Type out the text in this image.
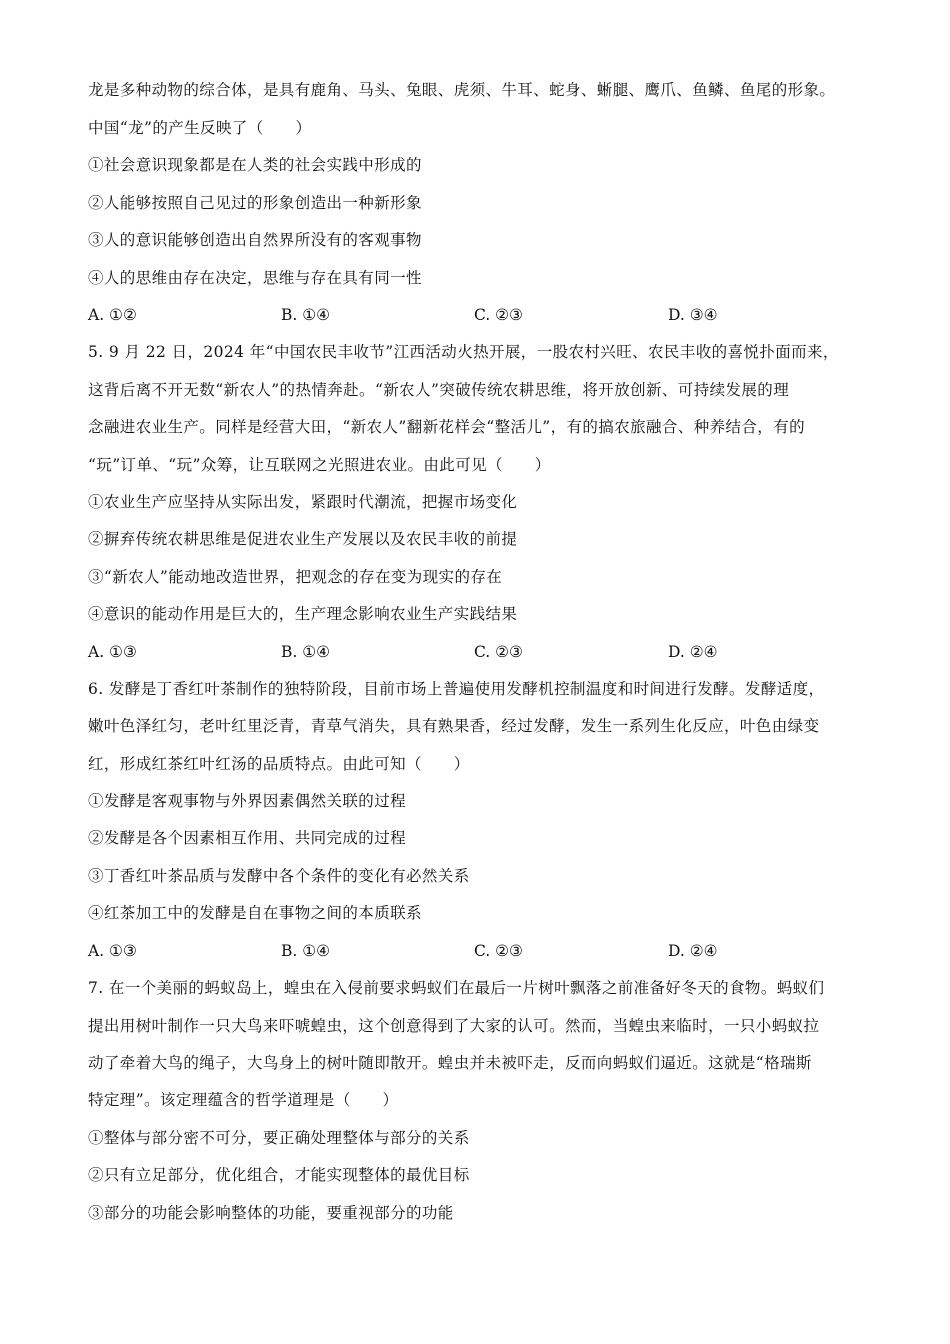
龙是多种动物的综合体，是具有鹿角、马头、兔眼、虎须、牛耳、蛇身、蜥腿、鹰爪、鱼鳞、鱼尾的形象。
中国“龙”的产生反映了（　　）
①社会意识现象都是在人类的社会实践中形成的
②人能够按照自己见过的形象创造出一种新形象
③人的意识能够创造出自然界所没有的客观事物
④人的思维由存在决定，思维与存在具有同一性
A. ①②	B. ①④	C. ②③	D. ③④
5. 9 月 22 日，2024 年“中国农民丰收节”江西活动火热开展，一股农村兴旺、农民丰收的喜悦扑面而来，
这背后离不开无数“新农人”的热情奔赴。“新农人”突破传统农耕思维，将开放创新、可持续发展的理
念融进农业生产。同样是经营大田，“新农人”翻新花样会“整活儿”，有的搞农旅融合、种养结合，有的
“玩”订单、“玩”众筹，让互联网之光照进农业。由此可见（　　）
①农业生产应坚持从实际出发，紧跟时代潮流，把握市场变化
②摒弃传统农耕思维是促进农业生产发展以及农民丰收的前提
③“新农人”能动地改造世界，把观念的存在变为现实的存在
④意识的能动作用是巨大的，生产理念影响农业生产实践结果
A. ①③	B. ①④	C. ②③	D. ②④
6. 发酵是丁香红叶茶制作的独特阶段，目前市场上普遍使用发酵机控制温度和时间进行发酵。发酵适度，
嫩叶色泽红匀，老叶红里泛青，青草气消失，具有熟果香，经过发酵，发生一系列生化反应，叶色由绿变
红，形成红茶红叶红汤的品质特点。由此可知（　　）
①发酵是客观事物与外界因素偶然关联的过程
②发酵是各个因素相互作用、共同完成的过程
③丁香红叶茶品质与发酵中各个条件的变化有必然关系
④红茶加工中的发酵是自在事物之间的本质联系
A. ①③	B. ①④	C. ②③	D. ②④
7. 在一个美丽的蚂蚁岛上，蝗虫在入侵前要求蚂蚁们在最后一片树叶飘落之前准备好冬天的食物。蚂蚁们
提出用树叶制作一只大鸟来吓唬蝗虫，这个创意得到了大家的认可。然而，当蝗虫来临时，一只小蚂蚁拉
动了牵着大鸟的绳子，大鸟身上的树叶随即散开。蝗虫并未被吓走，反而向蚂蚁们逼近。这就是“格瑞斯
特定理”。该定理蕴含的哲学道理是（　　）
①整体与部分密不可分，要正确处理整体与部分的关系
②只有立足部分，优化组合，才能实现整体的最优目标
③部分的功能会影响整体的功能，要重视部分的功能
